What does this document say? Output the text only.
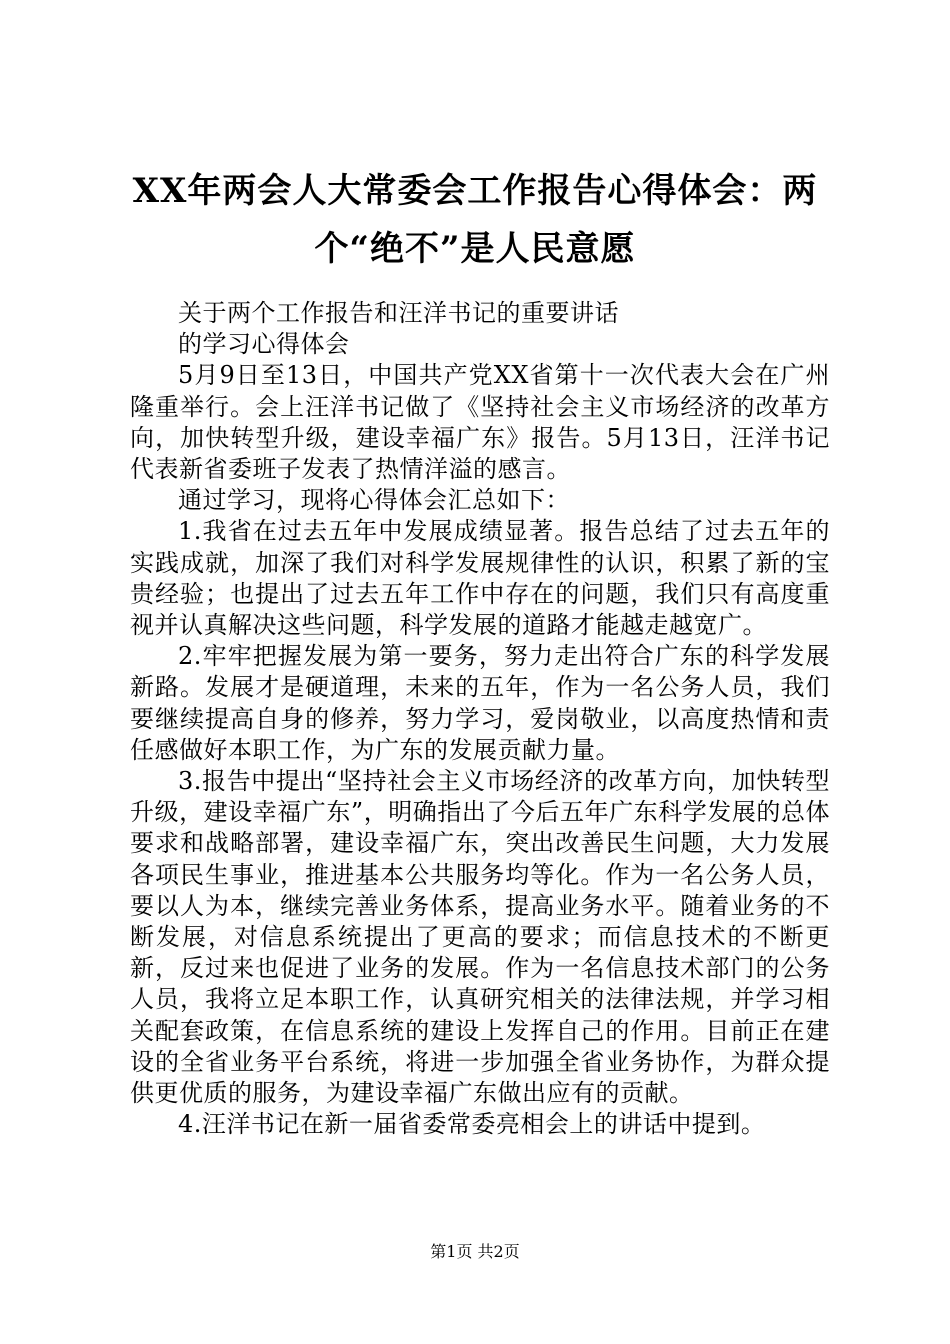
XX年两会人大常委会工作报告心得体会：两个“绝不”是人民意愿

关于两个工作报告和汪洋书记的重要讲话

的学习心得体会

5月9日至13日，中国共产党XX省第十一次代表大会在广州隆重举行。会上汪洋书记做了《坚持社会主义市场经济的改革方向，加快转型升级，建设幸福广东》报告。5月13日，汪洋书记代表新省委班子发表了热情洋溢的感言。

通过学习，现将心得体会汇总如下：

1.我省在过去五年中发展成绩显著。报告总结了过去五年的实践成就，加深了我们对科学发展规律性的认识，积累了新的宝贵经验；也提出了过去五年工作中存在的问题，我们只有高度重视并认真解决这些问题，科学发展的道路才能越走越宽广。

2.牢牢把握发展为第一要务，努力走出符合广东的科学发展新路。发展才是硬道理，未来的五年，作为一名公务人员，我们要继续提高自身的修养，努力学习，爱岗敬业，以高度热情和责任感做好本职工作，为广东的发展贡献力量。

3.报告中提出“坚持社会主义市场经济的改革方向，加快转型升级，建设幸福广东”，明确指出了今后五年广东科学发展的总体要求和战略部署，建设幸福广东，突出改善民生问题，大力发展各项民生事业，推进基本公共服务均等化。作为一名公务人员，要以人为本，继续完善业务体系，提高业务水平。随着业务的不断发展，对信息系统提出了更高的要求；而信息技术的不断更新，反过来也促进了业务的发展。作为一名信息技术部门的公务人员，我将立足本职工作，认真研究相关的法律法规，并学习相关配套政策，在信息系统的建设上发挥自己的作用。目前正在建设的全省业务平台系统，将进一步加强全省业务协作，为群众提供更优质的服务，为建设幸福广东做出应有的贡献。

4.汪洋书记在新一届省委常委亮相会上的讲话中提到。

第1页 共2页
